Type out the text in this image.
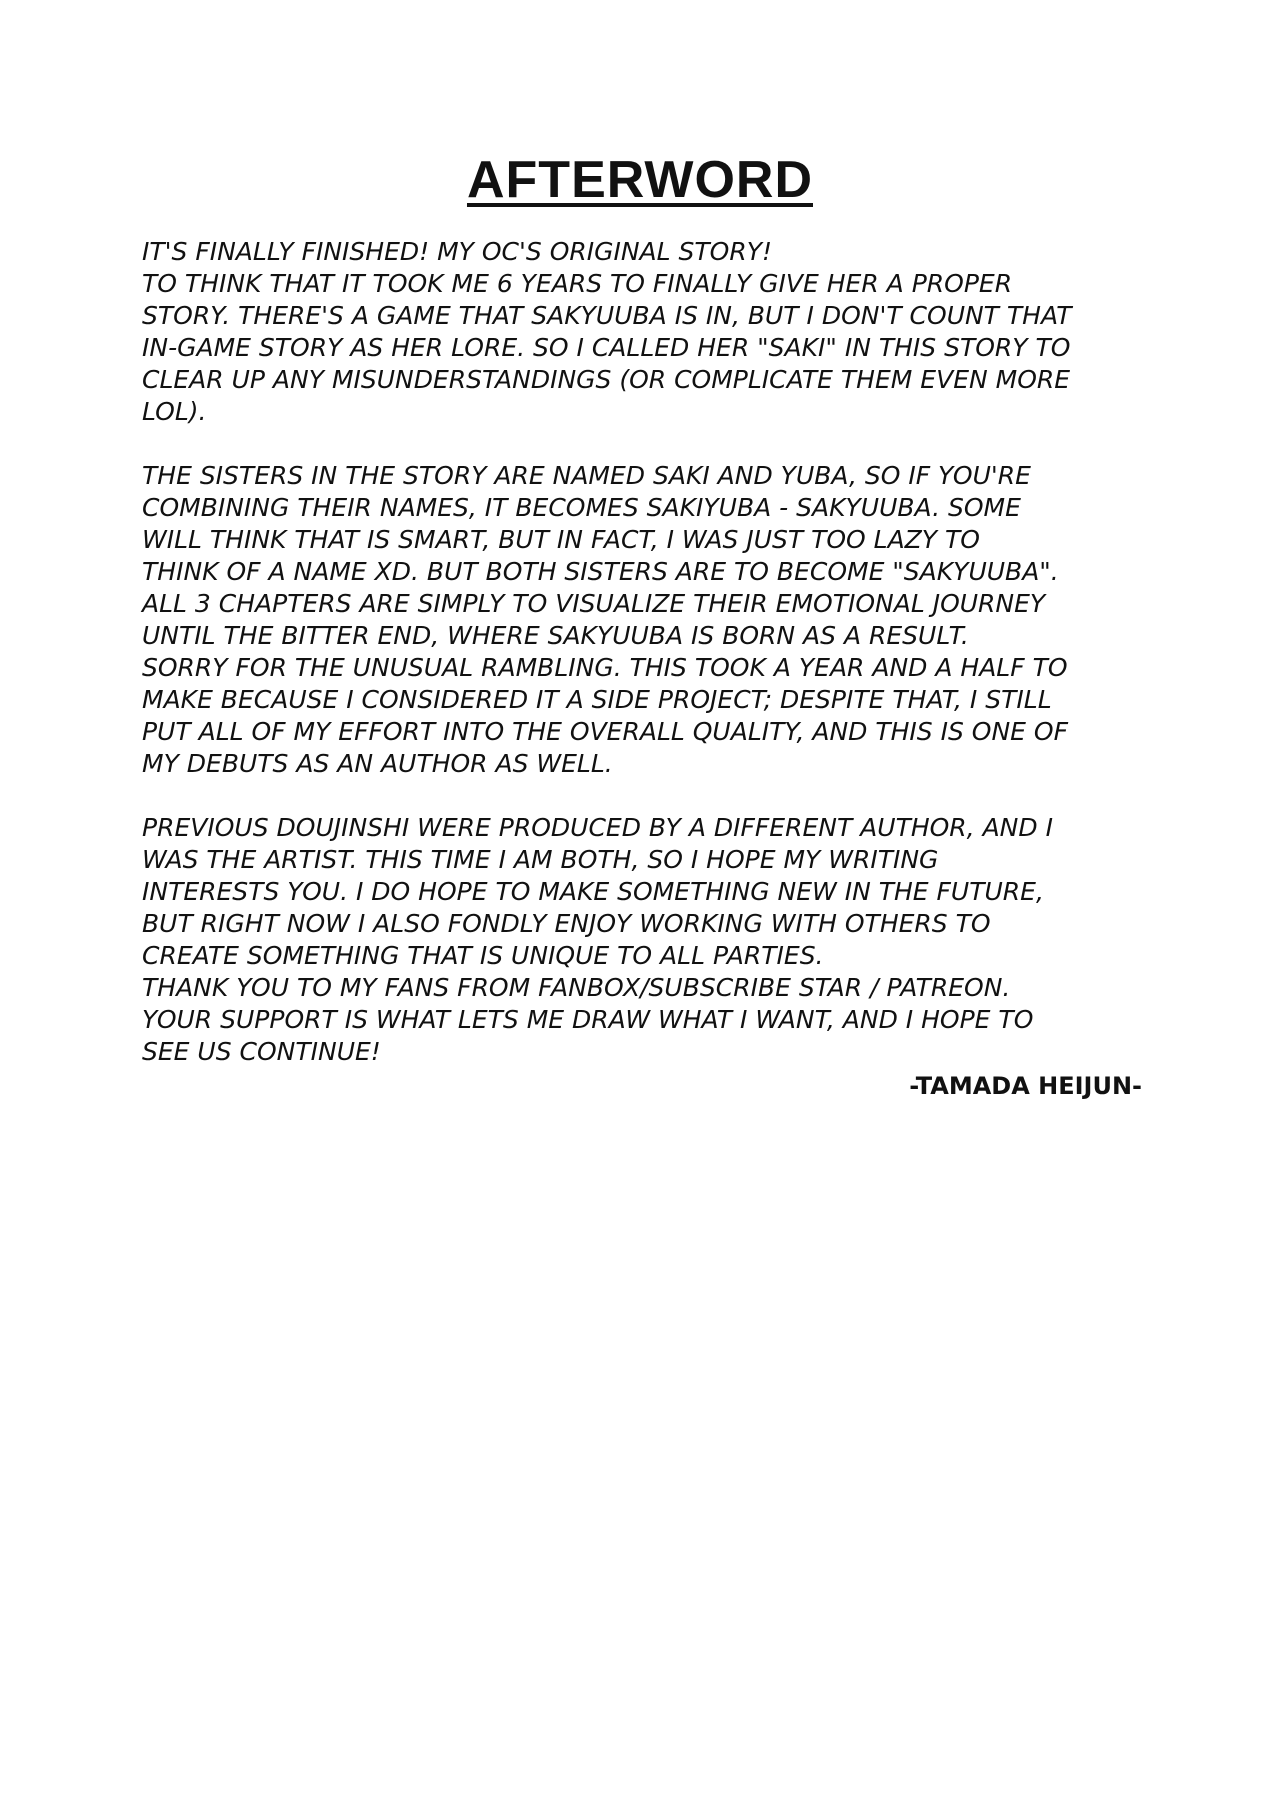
AFTERWORD
IT'S FINALLY FINISHED! MY OC'S ORIGINAL STORY!
TO THINK THAT IT TOOK ME 6 YEARS TO FINALLY GIVE HER A PROPER
STORY. THERE'S A GAME THAT SAKYUUBA IS IN, BUT I DON'T COUNT THAT
IN-GAME STORY AS HER LORE. SO I CALLED HER "SAKI" IN THIS STORY TO
CLEAR UP ANY MISUNDERSTANDINGS (OR COMPLICATE THEM EVEN MORE
LOL).
THE SISTERS IN THE STORY ARE NAMED SAKI AND YUBA, SO IF YOU'RE
COMBINING THEIR NAMES, IT BECOMES SAKIYUBA - SAKYUUBA. SOME
WILL THINK THAT IS SMART, BUT IN FACT, I WAS JUST TOO LAZY TO
THINK OF A NAME XD. BUT BOTH SISTERS ARE TO BECOME "SAKYUUBA".
ALL 3 CHAPTERS ARE SIMPLY TO VISUALIZE THEIR EMOTIONAL JOURNEY
UNTIL THE BITTER END, WHERE SAKYUUBA IS BORN AS A RESULT.
SORRY FOR THE UNUSUAL RAMBLING. THIS TOOK A YEAR AND A HALF TO
MAKE BECAUSE I CONSIDERED IT A SIDE PROJECT; DESPITE THAT, I STILL
PUT ALL OF MY EFFORT INTO THE OVERALL QUALITY, AND THIS IS ONE OF
MY DEBUTS AS AN AUTHOR AS WELL.
PREVIOUS DOUJINSHI WERE PRODUCED BY A DIFFERENT AUTHOR, AND I
WAS THE ARTIST. THIS TIME I AM BOTH, SO I HOPE MY WRITING
INTERESTS YOU. I DO HOPE TO MAKE SOMETHING NEW IN THE FUTURE,
BUT RIGHT NOW I ALSO FONDLY ENJOY WORKING WITH OTHERS TO
CREATE SOMETHING THAT IS UNIQUE TO ALL PARTIES.
THANK YOU TO MY FANS FROM FANBOX/SUBSCRIBE STAR / PATREON.
YOUR SUPPORT IS WHAT LETS ME DRAW WHAT I WANT, AND I HOPE TO
SEE US CONTINUE!
-TAMADA HEIJUN-
